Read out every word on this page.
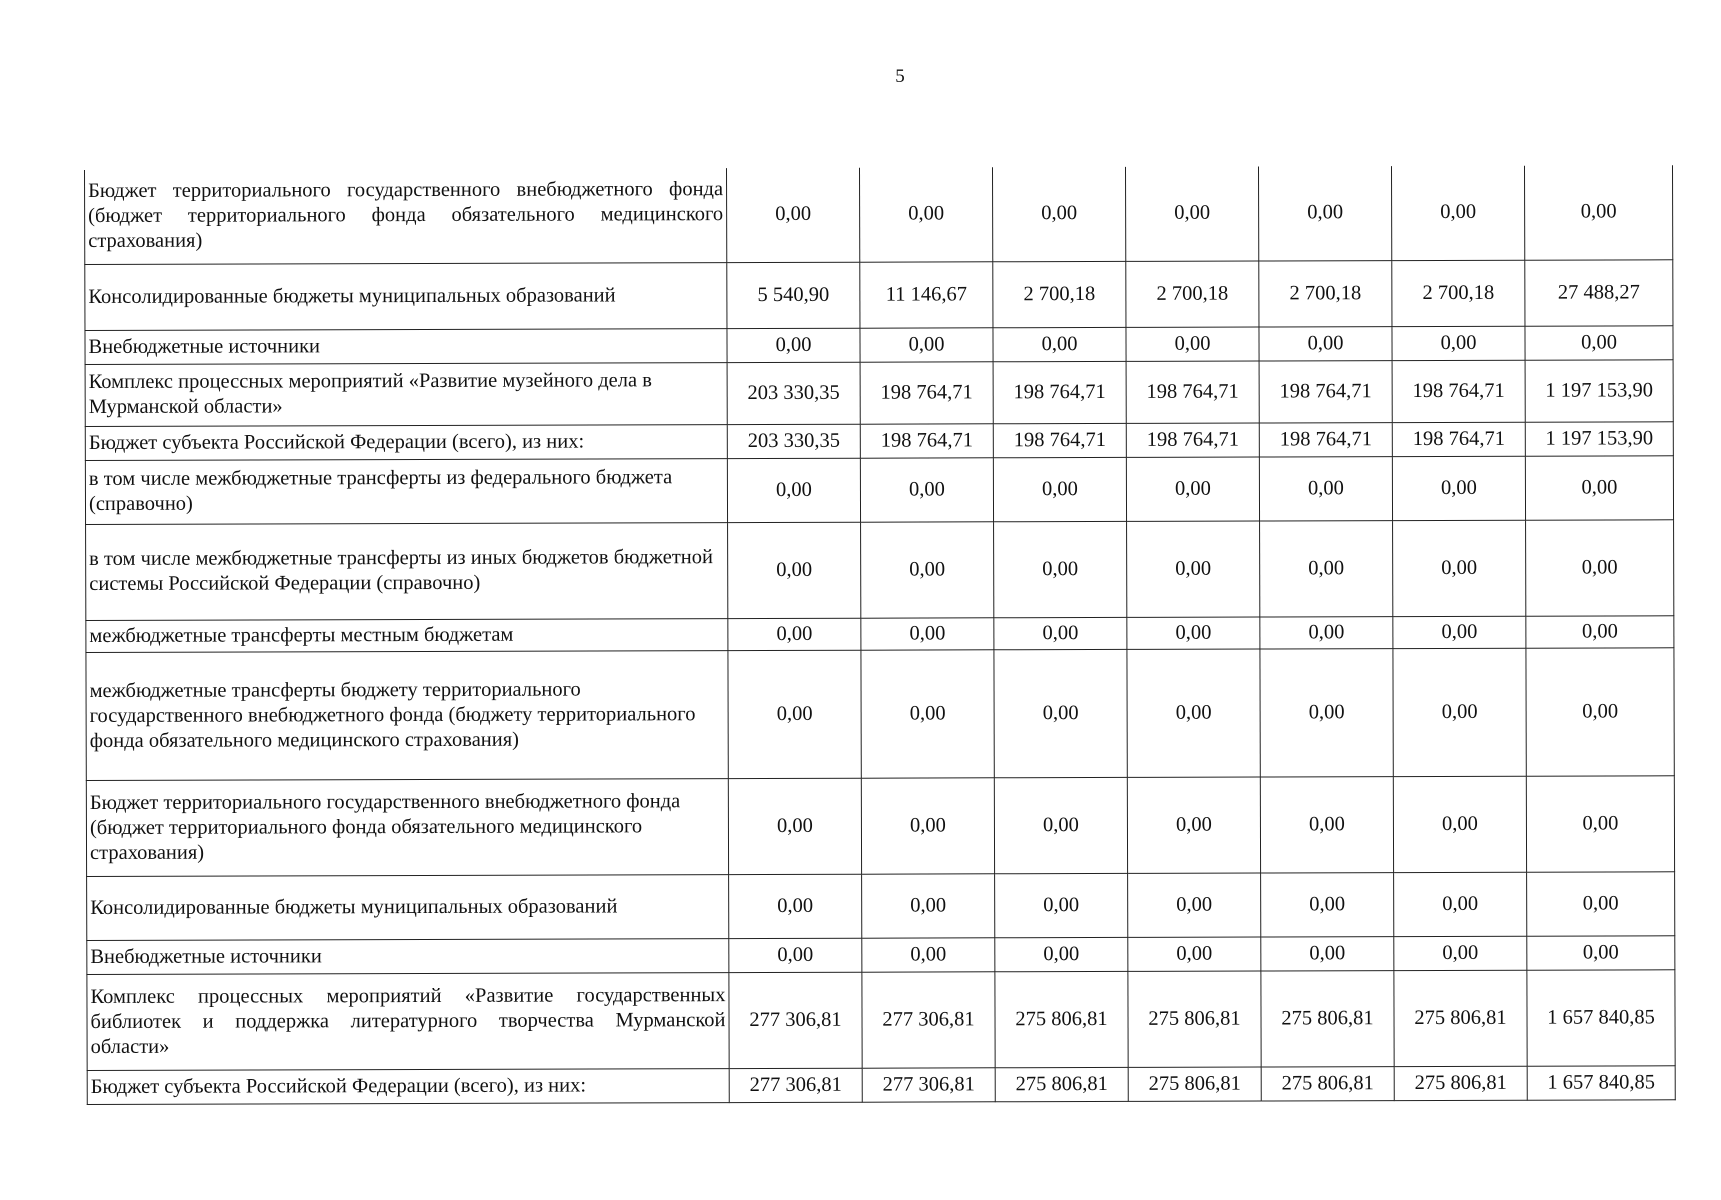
5
Бюджет территориального государственного внебюджетного фонда (бюджет территориального фонда обязательного медицинского страхования)	0,00	0,00	0,00	0,00	0,00	0,00	0,00
Консолидированные бюджеты муниципальных образований	5 540,90	11 146,67	2 700,18	2 700,18	2 700,18	2 700,18	27 488,27
Внебюджетные источники	0,00	0,00	0,00	0,00	0,00	0,00	0,00
Комплекс процессных мероприятий «Развитие музейного дела в Мурманской области»	203 330,35	198 764,71	198 764,71	198 764,71	198 764,71	198 764,71	1 197 153,90
Бюджет субъекта Российской Федерации (всего), из них:	203 330,35	198 764,71	198 764,71	198 764,71	198 764,71	198 764,71	1 197 153,90
в том числе межбюджетные трансферты из федерального бюджета (справочно)	0,00	0,00	0,00	0,00	0,00	0,00	0,00
в том числе межбюджетные трансферты из иных бюджетов бюджетной системы Российской Федерации (справочно)	0,00	0,00	0,00	0,00	0,00	0,00	0,00
межбюджетные трансферты местным бюджетам	0,00	0,00	0,00	0,00	0,00	0,00	0,00
межбюджетные трансферты бюджету территориального государственного внебюджетного фонда (бюджету территориального фонда обязательного медицинского страхования)	0,00	0,00	0,00	0,00	0,00	0,00	0,00
Бюджет территориального государственного внебюджетного фонда (бюджет территориального фонда обязательного медицинского страхования)	0,00	0,00	0,00	0,00	0,00	0,00	0,00
Консолидированные бюджеты муниципальных образований	0,00	0,00	0,00	0,00	0,00	0,00	0,00
Внебюджетные источники	0,00	0,00	0,00	0,00	0,00	0,00	0,00
Комплекс процессных мероприятий «Развитие государственных библиотек и поддержка литературного творчества Мурманской области»	277 306,81	277 306,81	275 806,81	275 806,81	275 806,81	275 806,81	1 657 840,85
Бюджет субъекта Российской Федерации (всего), из них:	277 306,81	277 306,81	275 806,81	275 806,81	275 806,81	275 806,81	1 657 840,85
